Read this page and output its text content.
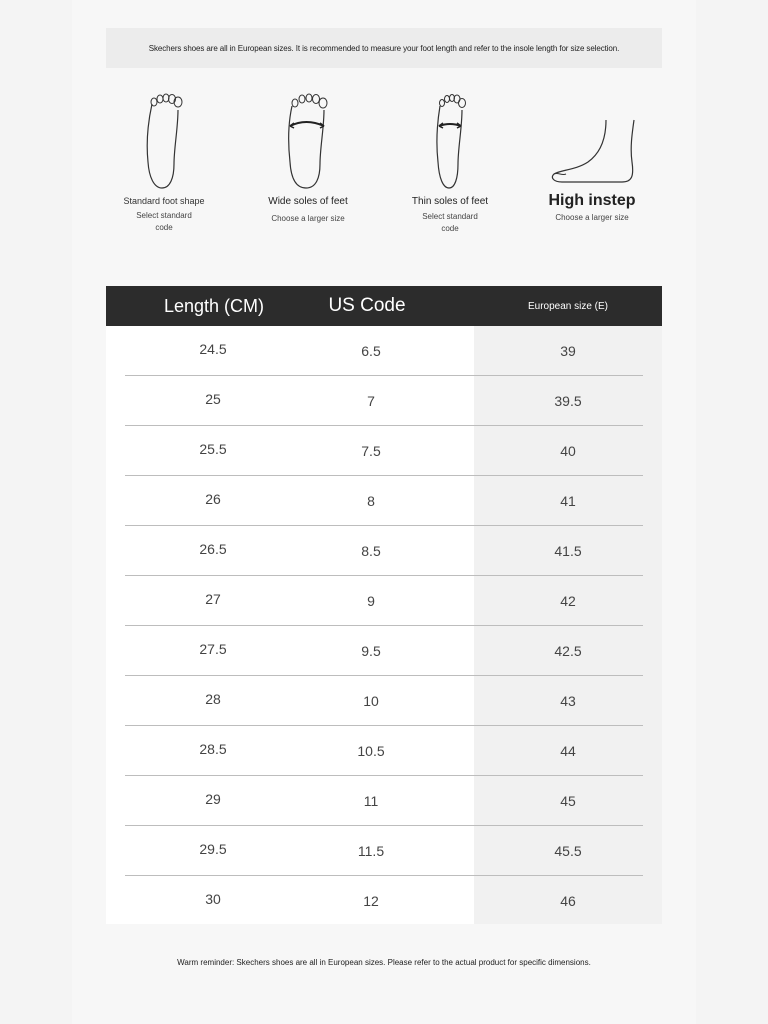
Skechers shoes are all in European sizes. It is recommended to measure your foot length and refer to the insole length for size selection.
Standard foot shape
Select standard
code
Wide soles of feet
Choose a larger size
Thin soles of feet
Select standard
code
High instep
Choose a larger size
Length (CM)	US Code	European size (E)
24.5	6.5	39
25	7	39.5
25.5	7.5	40
26	8	41
26.5	8.5	41.5
27	9	42
27.5	9.5	42.5
28	10	43
28.5	10.5	44
29	11	45
29.5	11.5	45.5
30	12	46
Warm reminder: Skechers shoes are all in European sizes. Please refer to the actual product for specific dimensions.
